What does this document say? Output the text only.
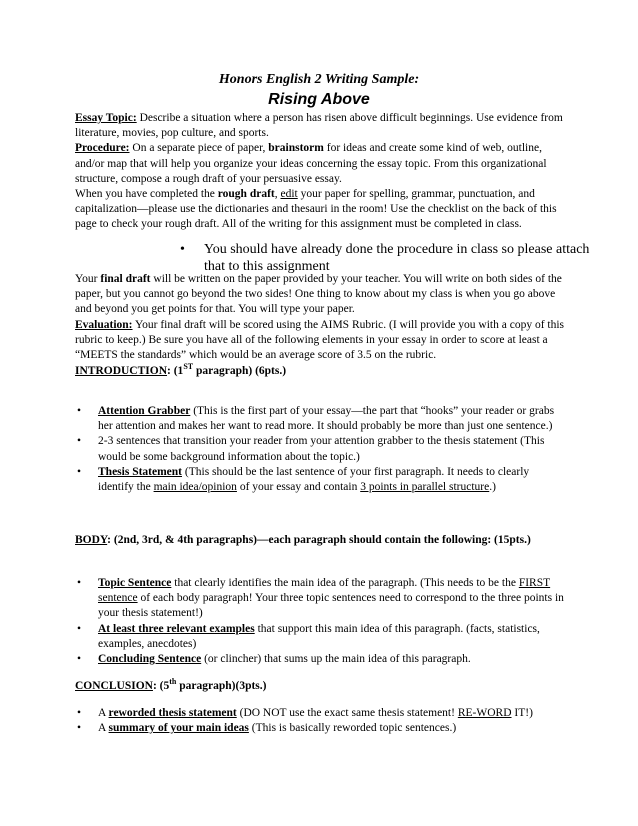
Honors English 2 Writing Sample:
Rising Above

Essay Topic: Describe a situation where a person has risen above difficult beginnings. Use evidence from literature, movies, pop culture, and sports.

Procedure: On a separate piece of paper, brainstorm for ideas and create some kind of web, outline, and/or map that will help you organize your ideas concerning the essay topic. From this organizational structure, compose a rough draft of your persuasive essay.

When you have completed the rough draft, edit your paper for spelling, grammar, punctuation, and capitalization—please use the dictionaries and thesauri in the room! Use the checklist on the back of this page to check your rough draft. All of the writing for this assignment must be completed in class.

• You should have already done the procedure in class so please attach that to this assignment

Your final draft will be written on the paper provided by your teacher. You will write on both sides of the paper, but you cannot go beyond the two sides! One thing to know about my class is when you go above and beyond you get points for that. You will type your paper.

Evaluation: Your final draft will be scored using the AIMS Rubric. (I will provide you with a copy of this rubric to keep.) Be sure you have all of the following elements in your essay in order to score at least a “MEETS the standards” which would be an average score of 3.5 on the rubric.

INTRODUCTION: (1ST paragraph) (6pts.)

• Attention Grabber (This is the first part of your essay—the part that “hooks” your reader or grabs her attention and makes her want to read more. It should probably be more than just one sentence.)
• 2-3 sentences that transition your reader from your attention grabber to the thesis statement (This would be some background information about the topic.)
• Thesis Statement (This should be the last sentence of your first paragraph. It needs to clearly identify the main idea/opinion of your essay and contain 3 points in parallel structure.)

BODY: (2nd, 3rd, & 4th paragraphs)—each paragraph should contain the following: (15pts.)

• Topic Sentence that clearly identifies the main idea of the paragraph. (This needs to be the FIRST sentence of each body paragraph! Your three topic sentences need to correspond to the three points in your thesis statement!)
• At least three relevant examples that support this main idea of this paragraph. (facts, statistics, examples, anecdotes)
• Concluding Sentence (or clincher) that sums up the main idea of this paragraph.

CONCLUSION: (5th paragraph)(3pts.)

• A reworded thesis statement (DO NOT use the exact same thesis statement! RE-WORD IT!)
• A summary of your main ideas (This is basically reworded topic sentences.)
